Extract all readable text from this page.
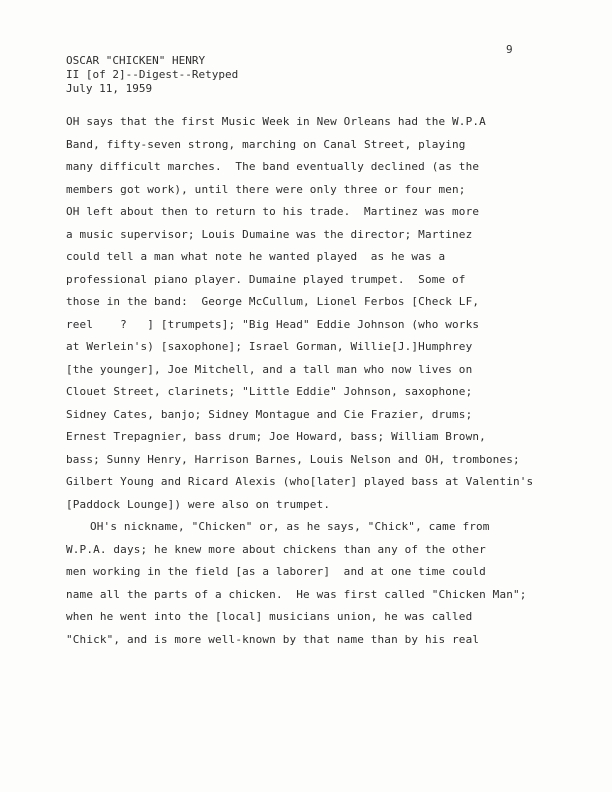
9
OSCAR "CHICKEN" HENRY
II [of 2]--Digest--Retyped
July 11, 1959
OH says that the first Music Week in New Orleans had the W.P.A
Band, fifty-seven strong, marching on Canal Street, playing
many difficult marches.  The band eventually declined (as the
members got work), until there were only three or four men;
OH left about then to return to his trade.  Martinez was more
a music supervisor; Louis Dumaine was the director; Martinez
could tell a man what note he wanted played  as he was a
professional piano player. Dumaine played trumpet.  Some of
those in the band:  George McCullum, Lionel Ferbos [Check LF,
reel    ?   ] [trumpets]; "Big Head" Eddie Johnson (who works
at Werlein's) [saxophone]; Israel Gorman, Willie[J.]Humphrey
[the younger], Joe Mitchell, and a tall man who now lives on
Clouet Street, clarinets; "Little Eddie" Johnson, saxophone;
Sidney Cates, banjo; Sidney Montague and Cie Frazier, drums;
Ernest Trepagnier, bass drum; Joe Howard, bass; William Brown,
bass; Sunny Henry, Harrison Barnes, Louis Nelson and OH, trombones;
Gilbert Young and Ricard Alexis (who[later] played bass at Valentin's
[Paddock Lounge]) were also on trumpet.
OH's nickname, "Chicken" or, as he says, "Chick", came from
W.P.A. days; he knew more about chickens than any of the other
men working in the field [as a laborer]  and at one time could
name all the parts of a chicken.  He was first called "Chicken Man";
when he went into the [local] musicians union, he was called
"Chick", and is more well-known by that name than by his real
